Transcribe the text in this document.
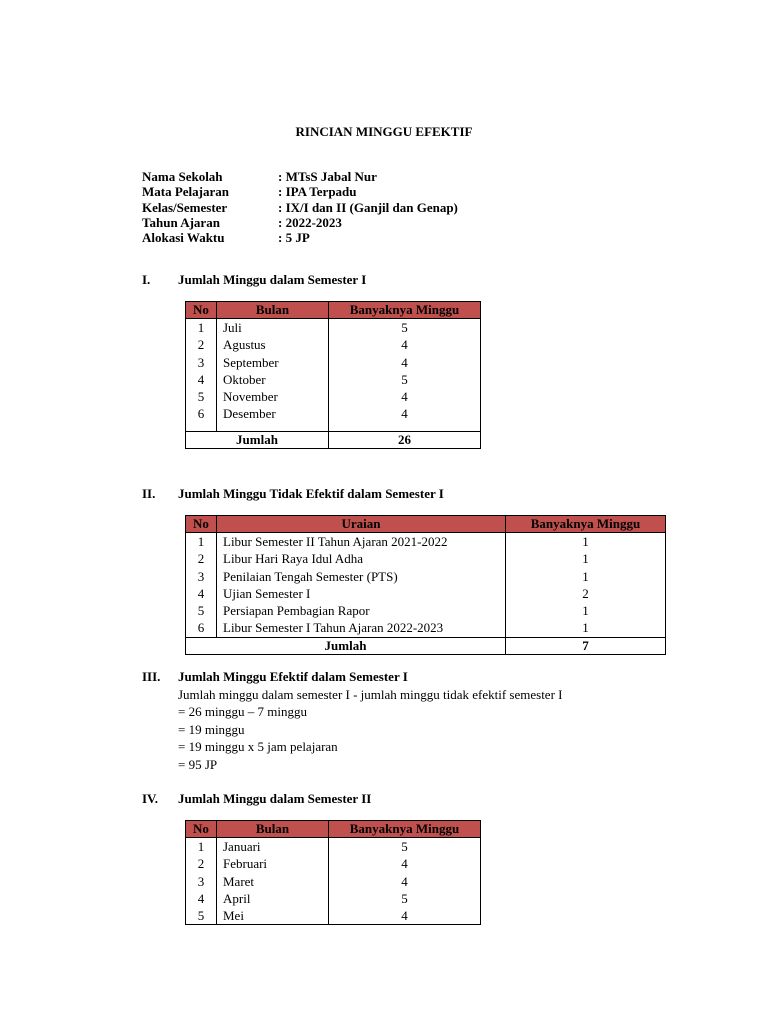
RINCIAN MINGGU EFEKTIF
Nama Sekolah	: MTsS Jabal Nur
Mata Pelajaran	: IPA Terpadu
Kelas/Semester	: IX/I dan II (Ganjil dan Genap)
Tahun Ajaran	: 2022-2023
Alokasi Waktu	: 5 JP
I. Jumlah Minggu dalam Semester I
No	Bulan	Banyaknya Minggu
1	Juli	5
2	Agustus	4
3	September	4
4	Oktober	5
5	November	4
6	Desember	4

Jumlah		26
II. Jumlah Minggu Tidak Efektif dalam Semester I
No	Uraian	Banyaknya Minggu
1	Libur Semester II Tahun Ajaran 2021-2022	1
2	Libur Hari Raya Idul Adha	1
3	Penilaian Tengah Semester (PTS)	1
4	Ujian Semester I	2
5	Persiapan Pembagian Rapor	1
6	Libur Semester I Tahun Ajaran 2022-2023	1
Jumlah		7
III. Jumlah Minggu Efektif dalam Semester I
Jumlah minggu dalam semester I - jumlah minggu tidak efektif semester I
= 26 minggu – 7 minggu
= 19 minggu
= 19 minggu x 5 jam pelajaran
= 95 JP
IV. Jumlah Minggu dalam Semester II
No	Bulan	Banyaknya Minggu
1	Januari	5
2	Februari	4
3	Maret	4
4	April	5
5	Mei	4
